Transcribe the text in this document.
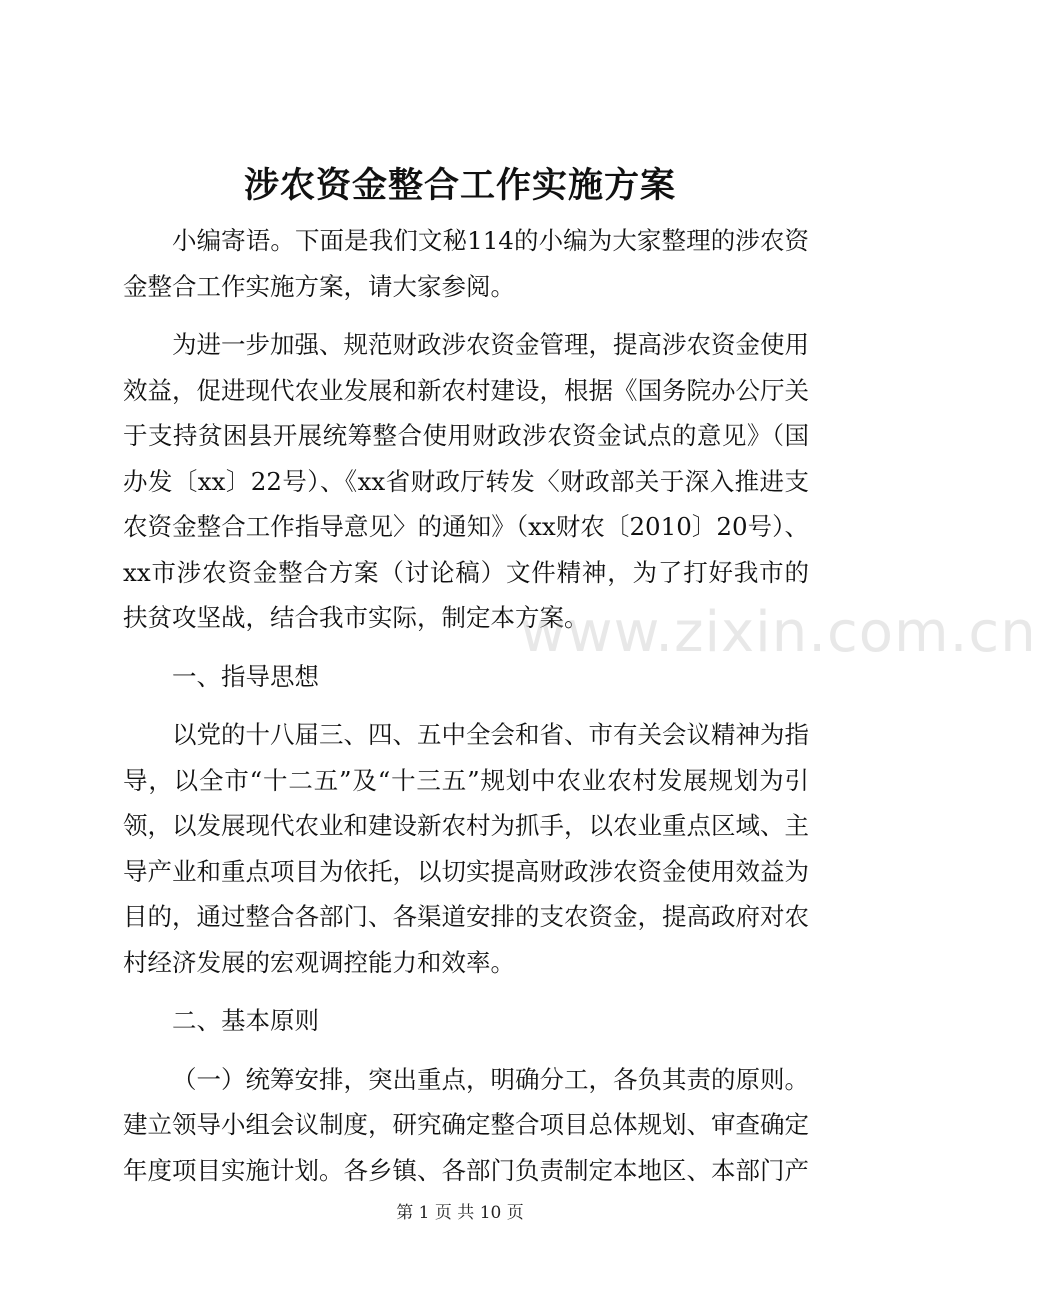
涉农资金整合工作实施方案

小编寄语。下面是我们文秘114的小编为大家整理的涉农资金整合工作实施方案，请大家参阅。

为进一步加强、规范财政涉农资金管理，提高涉农资金使用效益，促进现代农业发展和新农村建设，根据《国务院办公厅关于支持贫困县开展统筹整合使用财政涉农资金试点的意见》（国办发〔xx〕22号）、《xx省财政厅转发〈财政部关于深入推进支农资金整合工作指导意见〉的通知》（xx财农〔2010〕20号）、xx市涉农资金整合方案（讨论稿）文件精神，为了打好我市的扶贫攻坚战，结合我市实际，制定本方案。

一、指导思想

以党的十八届三、四、五中全会和省、市有关会议精神为指导，以全市“十二五”及“十三五”规划中农业农村发展规划为引领，以发展现代农业和建设新农村为抓手，以农业重点区域、主导产业和重点项目为依托，以切实提高财政涉农资金使用效益为目的，通过整合各部门、各渠道安排的支农资金，提高政府对农村经济发展的宏观调控能力和效率。

二、基本原则

（一）统筹安排，突出重点，明确分工，各负其责的原则。建立领导小组会议制度，研究确定整合项目总体规划、审查确定年度项目实施计划。各乡镇、各部门负责制定本地区、本部门产

www.zixin.com.cn
第 1 页 共 10 页
